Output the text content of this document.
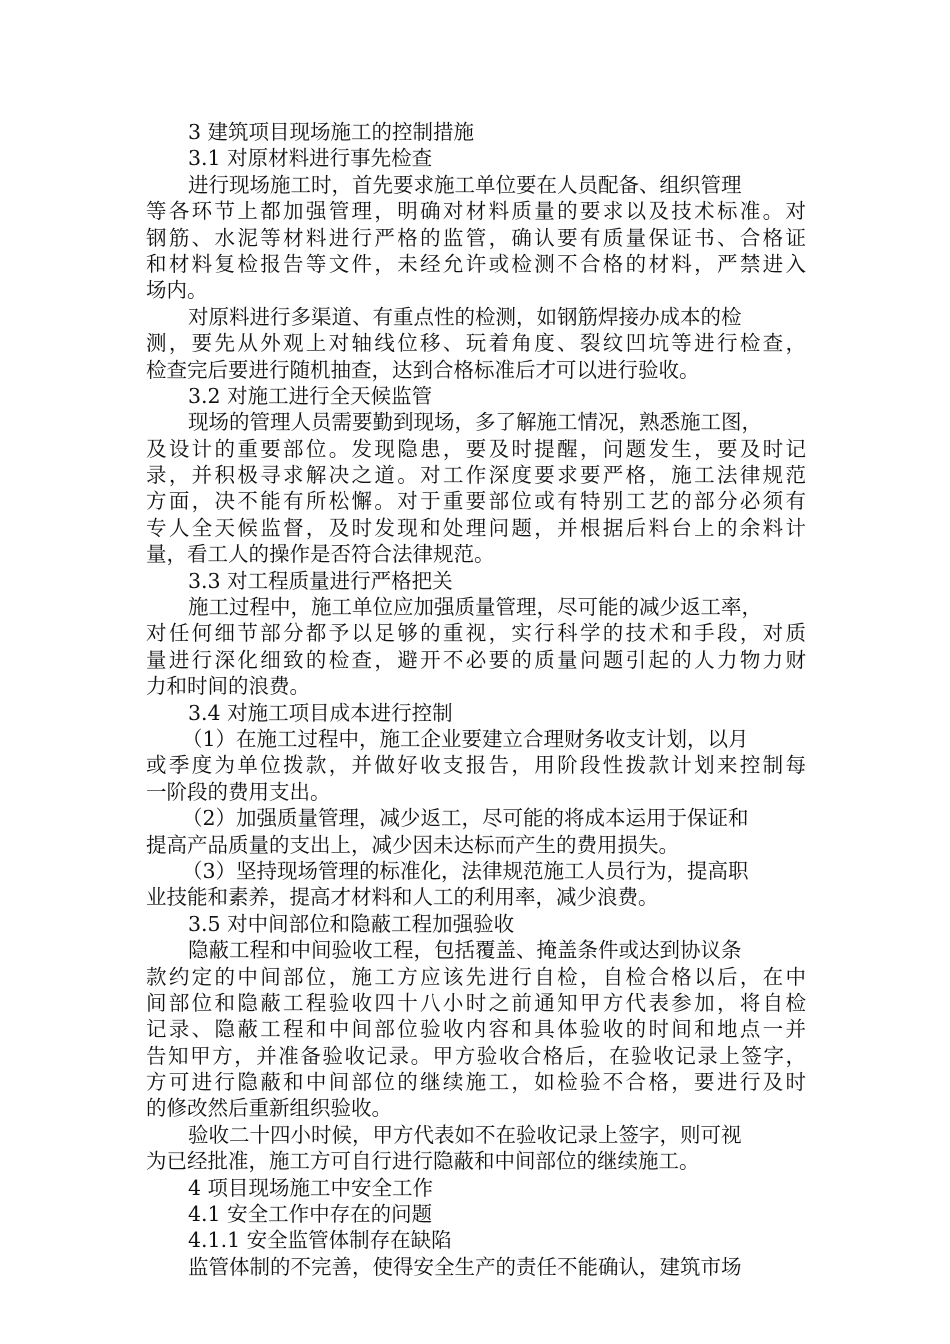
3 建筑项目现场施工的控制措施
3.1 对原材料进行事先检查
进行现场施工时，首先要求施工单位要在人员配备、组织管理
等各环节上都加强管理，明确对材料质量的要求以及技术标准。对
钢筋、水泥等材料进行严格的监管，确认要有质量保证书、合格证
和材料复检报告等文件，未经允许或检测不合格的材料，严禁进入
场内。
对原料进行多渠道、有重点性的检测，如钢筋焊接办成本的检
测，要先从外观上对轴线位移、玩着角度、裂纹凹坑等进行检查，
检查完后要进行随机抽查，达到合格标准后才可以进行验收。
3.2 对施工进行全天候监管
现场的管理人员需要勤到现场，多了解施工情况，熟悉施工图，
及设计的重要部位。发现隐患，要及时提醒，问题发生，要及时记
录，并积极寻求解决之道。对工作深度要求要严格，施工法律规范
方面，决不能有所松懈。对于重要部位或有特别工艺的部分必须有
专人全天候监督，及时发现和处理问题，并根据后料台上的余料计
量，看工人的操作是否符合法律规范。
3.3 对工程质量进行严格把关
施工过程中，施工单位应加强质量管理，尽可能的减少返工率，
对任何细节部分都予以足够的重视，实行科学的技术和手段，对质
量进行深化细致的检查，避开不必要的质量问题引起的人力物力财
力和时间的浪费。
3.4 对施工项目成本进行控制
（1）在施工过程中，施工企业要建立合理财务收支计划，以月
或季度为单位拨款，并做好收支报告，用阶段性拨款计划来控制每
一阶段的费用支出。
（2）加强质量管理，减少返工，尽可能的将成本运用于保证和
提高产品质量的支出上，减少因未达标而产生的费用损失。
（3）坚持现场管理的标准化，法律规范施工人员行为，提高职
业技能和素养，提高才材料和人工的利用率，减少浪费。
3.5 对中间部位和隐蔽工程加强验收
隐蔽工程和中间验收工程，包括覆盖、掩盖条件或达到协议条
款约定的中间部位，施工方应该先进行自检，自检合格以后，在中
间部位和隐蔽工程验收四十八小时之前通知甲方代表参加，将自检
记录、隐蔽工程和中间部位验收内容和具体验收的时间和地点一并
告知甲方，并准备验收记录。甲方验收合格后，在验收记录上签字，
方可进行隐蔽和中间部位的继续施工，如检验不合格，要进行及时
的修改然后重新组织验收。
验收二十四小时候，甲方代表如不在验收记录上签字，则可视
为已经批准，施工方可自行进行隐蔽和中间部位的继续施工。
4 项目现场施工中安全工作
4.1 安全工作中存在的问题
4.1.1 安全监管体制存在缺陷
监管体制的不完善，使得安全生产的责任不能确认，建筑市场
